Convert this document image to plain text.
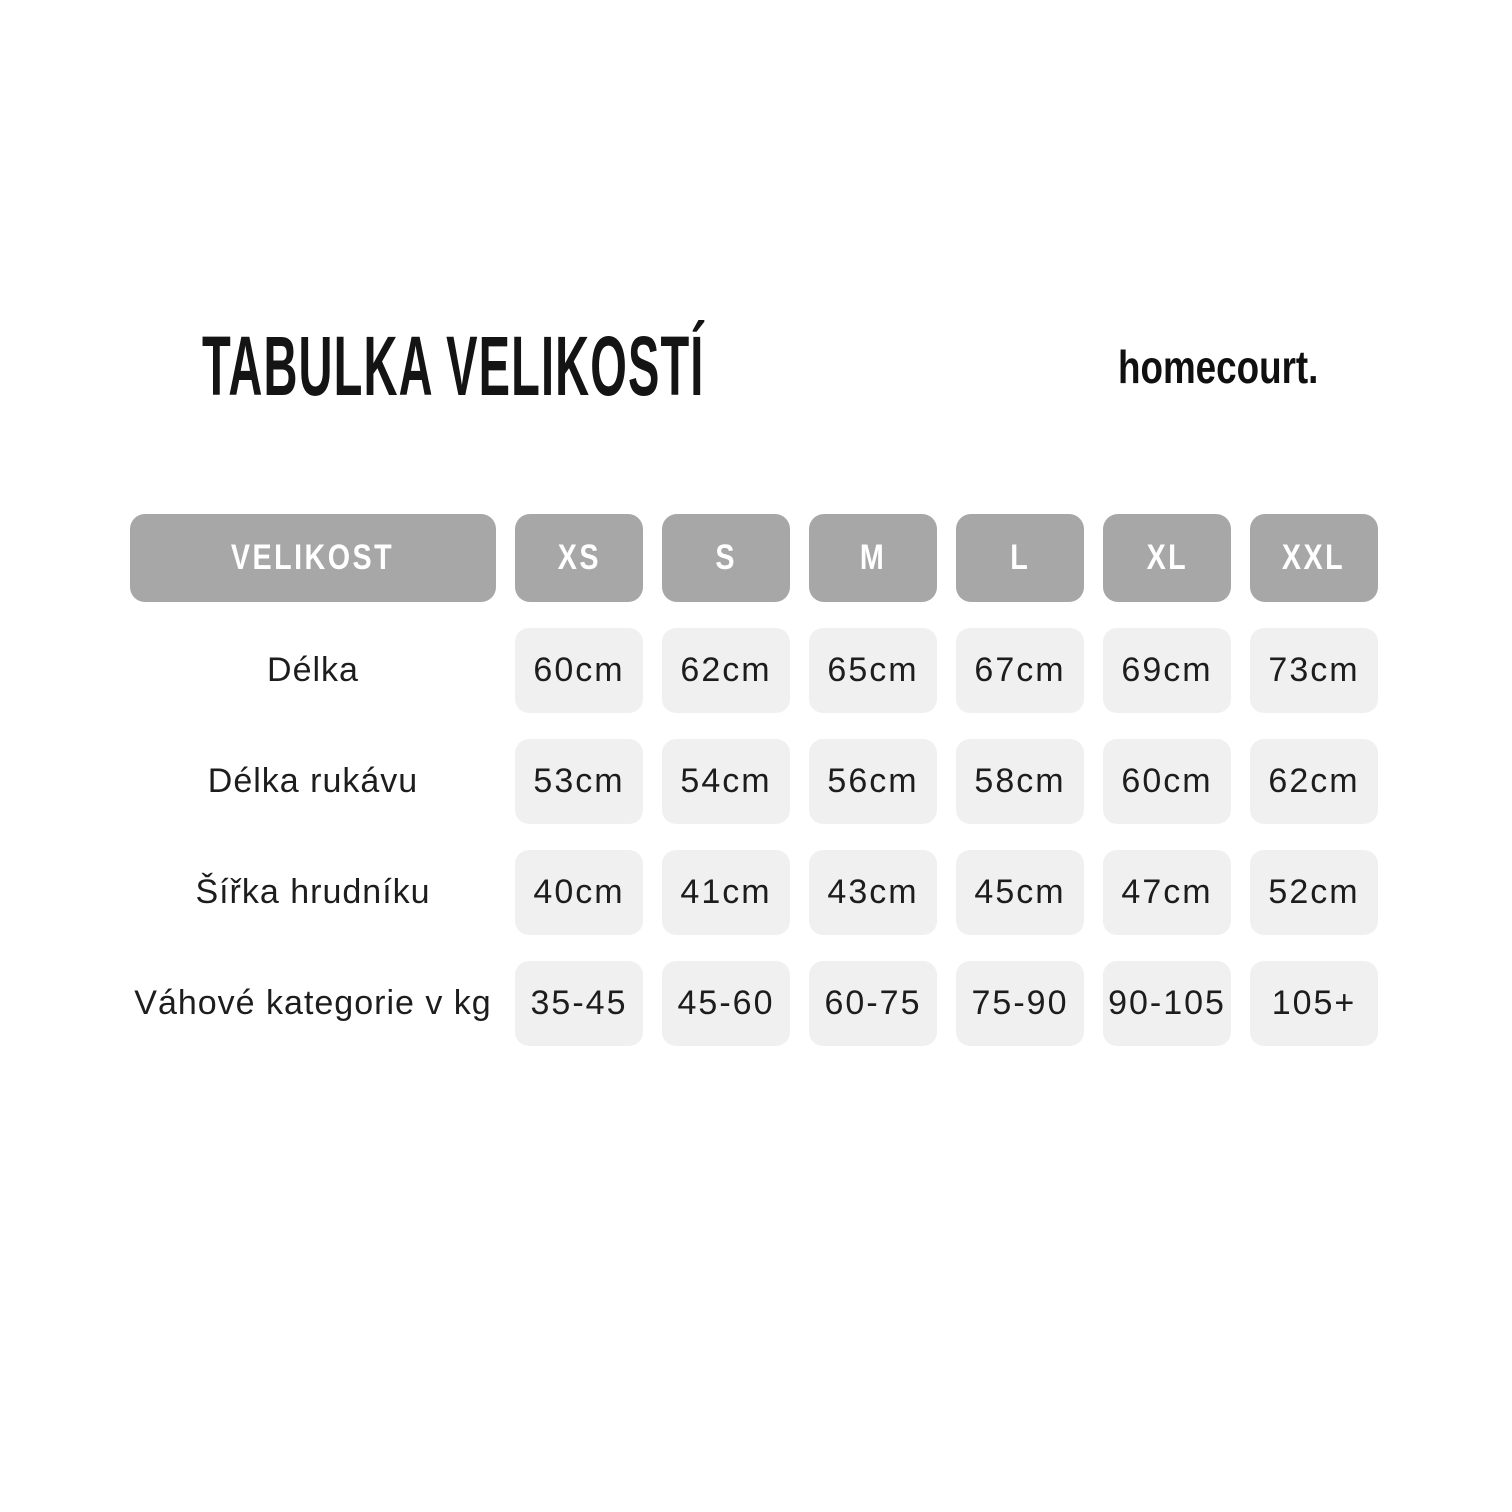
TABULKA VELIKOSTÍ	homecourt.
VELIKOST	XS	S	M	L	XL	XXL
Délka	60cm	62cm	65cm	67cm	69cm	73cm
Délka rukávu	53cm	54cm	56cm	58cm	60cm	62cm
Šířka hrudníku	40cm	41cm	43cm	45cm	47cm	52cm
Váhové kategorie v kg	35-45	45-60	60-75	75-90	90-105	105+
